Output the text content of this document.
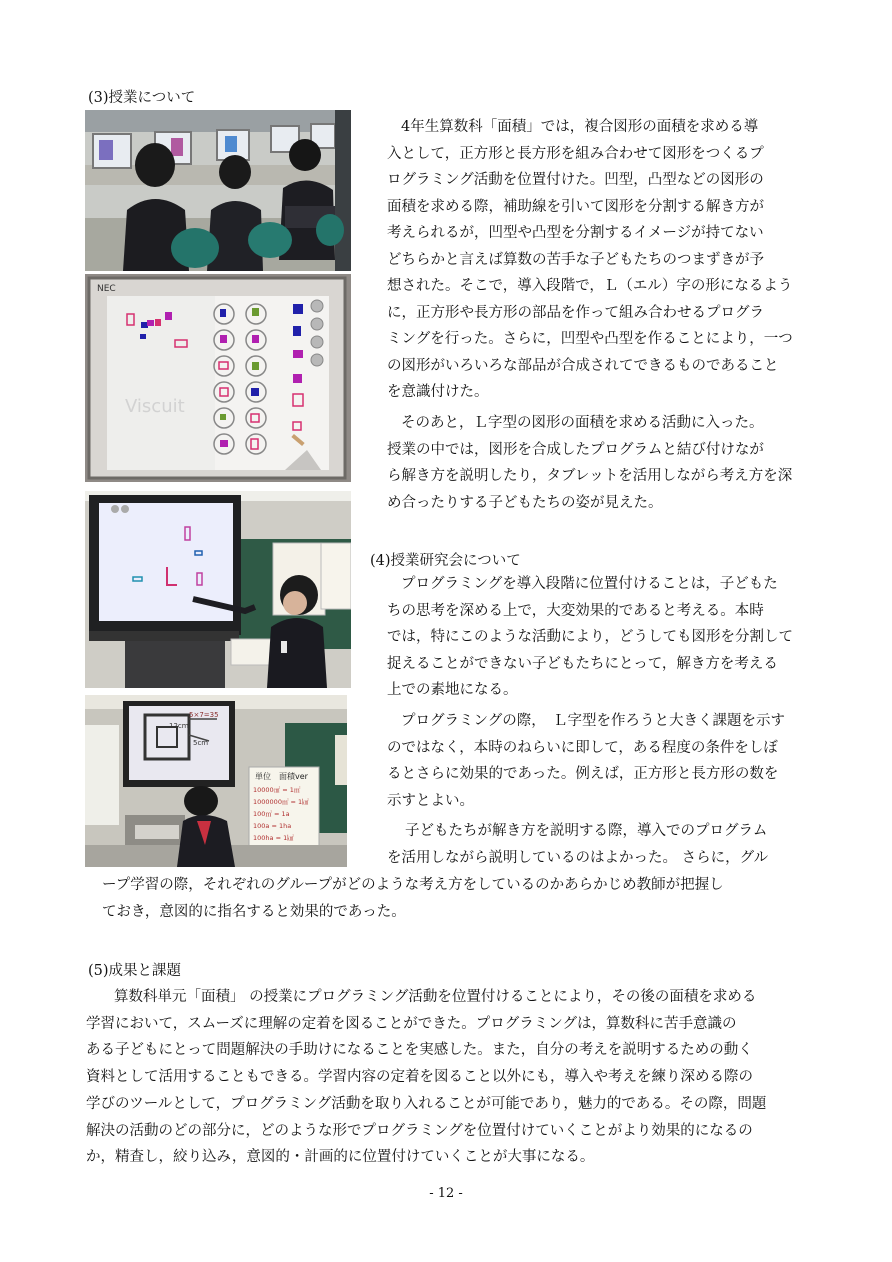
(3)授業について
4年生算数科「面積」では，複合図形の面積を求める導
入として，正方形と長方形を組み合わせて図形をつくるプ
ログラミング活動を位置付けた。凹型，凸型などの図形の
面積を求める際，補助線を引いて図形を分割する解き方が
考えられるが，凹型や凸型を分割するイメージが持てない
どちらかと言えば算数の苦手な子どもたちのつまずきが予
想された。そこで，導入段階で，Ｌ（エル）字の形になるよう
に，正方形や長方形の部品を作って組み合わせるプログラ
ミングを行った。さらに，凹型や凸型を作ることにより，一つ
の図形がいろいろな部品が合成されてできるものであること
を意識付けた。
そのあと，Ｌ字型の図形の面積を求める活動に入った。
授業の中では，図形を合成したプログラムと結び付けなが
ら解き方を説明したり，タブレットを活用しながら考え方を深
め合ったりする子どもたちの姿が見えた。
(4)授業研究会について
プログラミングを導入段階に位置付けることは，子どもた
ちの思考を深める上で，大変効果的であると考える。本時
では，特にこのような活動により，どうしても図形を分割して
捉えることができない子どもたちにとって，解き方を考える
上での素地になる。
プログラミングの際，　Ｌ字型を作ろうと大きく課題を示す
のではなく，本時のねらいに即して，ある程度の条件をしぼ
るとさらに効果的であった。例えば，正方形と長方形の数を
示すとよい。
子どもたちが解き方を説明する際，導入でのプログラム
を活用しながら説明しているのはよかった。 さらに，グル
ープ学習の際，それぞれのグループがどのような考え方をしているのかあらかじめ教師が把握し
ておき，意図的に指名すると効果的であった。
(5)成果と課題
算数科単元「面積」 の授業にプログラミング活動を位置付けることにより，その後の面積を求める
学習において，スムーズに理解の定着を図ることができた。プログラミングは，算数科に苦手意識の
ある子どもにとって問題解決の手助けになることを実感した。また，自分の考えを説明するための動く
資料として活用することもできる。学習内容の定着を図ること以外にも，導入や考えを練り深める際の
学びのツールとして，プログラミング活動を取り入れることが可能であり，魅力的である。その際，問題
解決の活動のどの部分に，どのような形でプログラミングを位置付けていくことがより効果的になるの
か，精査し，絞り込み，意図的・計画的に位置付けていくことが大事になる。
- 12 -
NEC
Viscuit
5×7=35
12cm
5cm
単位　面積ver
10000㎠ = 1㎡
1000000㎡ = 1㎢
100㎡ = 1a
100a = 1ha
100ha = 1㎢
